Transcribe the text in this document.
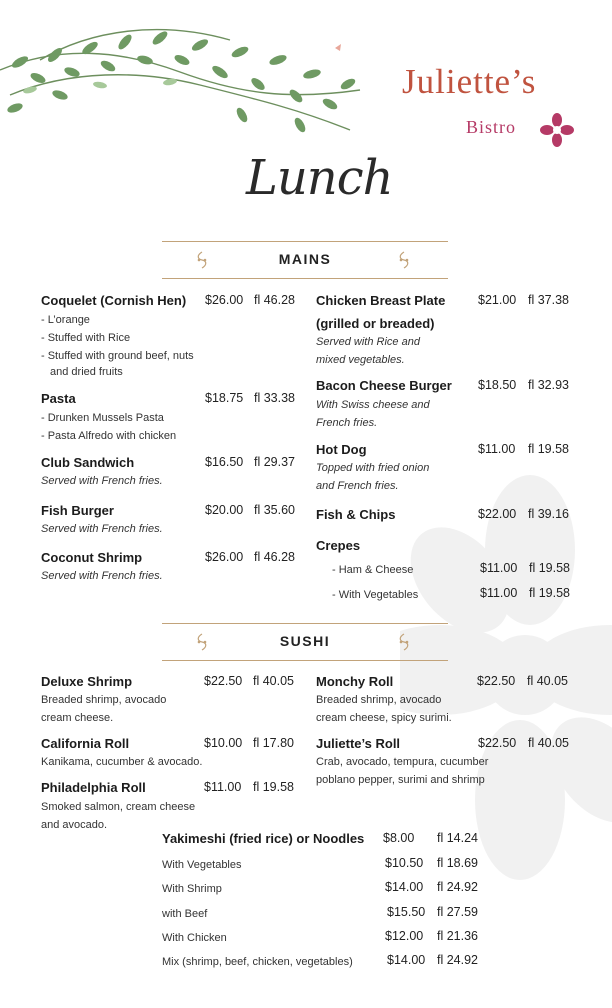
Juliette’s
Bistro
Lunch
MAINS
Coquelet (Cornish Hen) $26.00 fl 46.28
- L’orange
- Stuffed with Rice
- Stuffed with ground beef, nuts
and dried fruits
Pasta	$18.75 fl 33.38
- Drunken Mussels Pasta
- Pasta Alfredo with chicken
Club Sandwich	$16.50 fl 29.37
Served with French fries.
Fish Burger	$20.00 fl 35.60
Served with French fries.
Coconut Shrimp	$26.00 fl 46.28
Served with French fries.
Chicken Breast Plate
(grilled or breaded)
$21.00 fl 37.38
Served with Rice and
mixed vegetables.
Bacon Cheese Burger $18.50 fl 32.93
With Swiss cheese and
French fries.
Hot Dog	$11.00 fl 19.58
Topped with fried onion
and French fries.
Fish & Chips	$22.00 fl 39.16
Crepes
- Ham & Cheese	$11.00 fl 19.58
- With Vegetables	$11.00 fl 19.58
SUSHI
Deluxe Shrimp	$22.50 fl 40.05
Breaded shrimp, avocado
cream cheese.
California Roll	$10.00 fl 17.80
Kanikama, cucumber & avocado.
Philadelphia Roll	$11.00 fl 19.58
Smoked salmon, cream cheese
and avocado.
Monchy Roll	$22.50 fl 40.05
Breaded shrimp, avocado
cream cheese, spicy surimi.
Juliette’s Roll	$22.50 fl 40.05
Crab, avocado, tempura, cucumber
poblano pepper, surimi and shrimp
Yakimeshi (fried rice) or Noodles $8.00 fl 14.24
With Vegetables	$10.50 fl 18.69
With Shrimp	$14.00 fl 24.92
with Beef	$15.50 fl 27.59
With Chicken	$12.00 fl 21.36
Mix (shrimp, beef, chicken, vegetables)	$14.00 fl 24.92
